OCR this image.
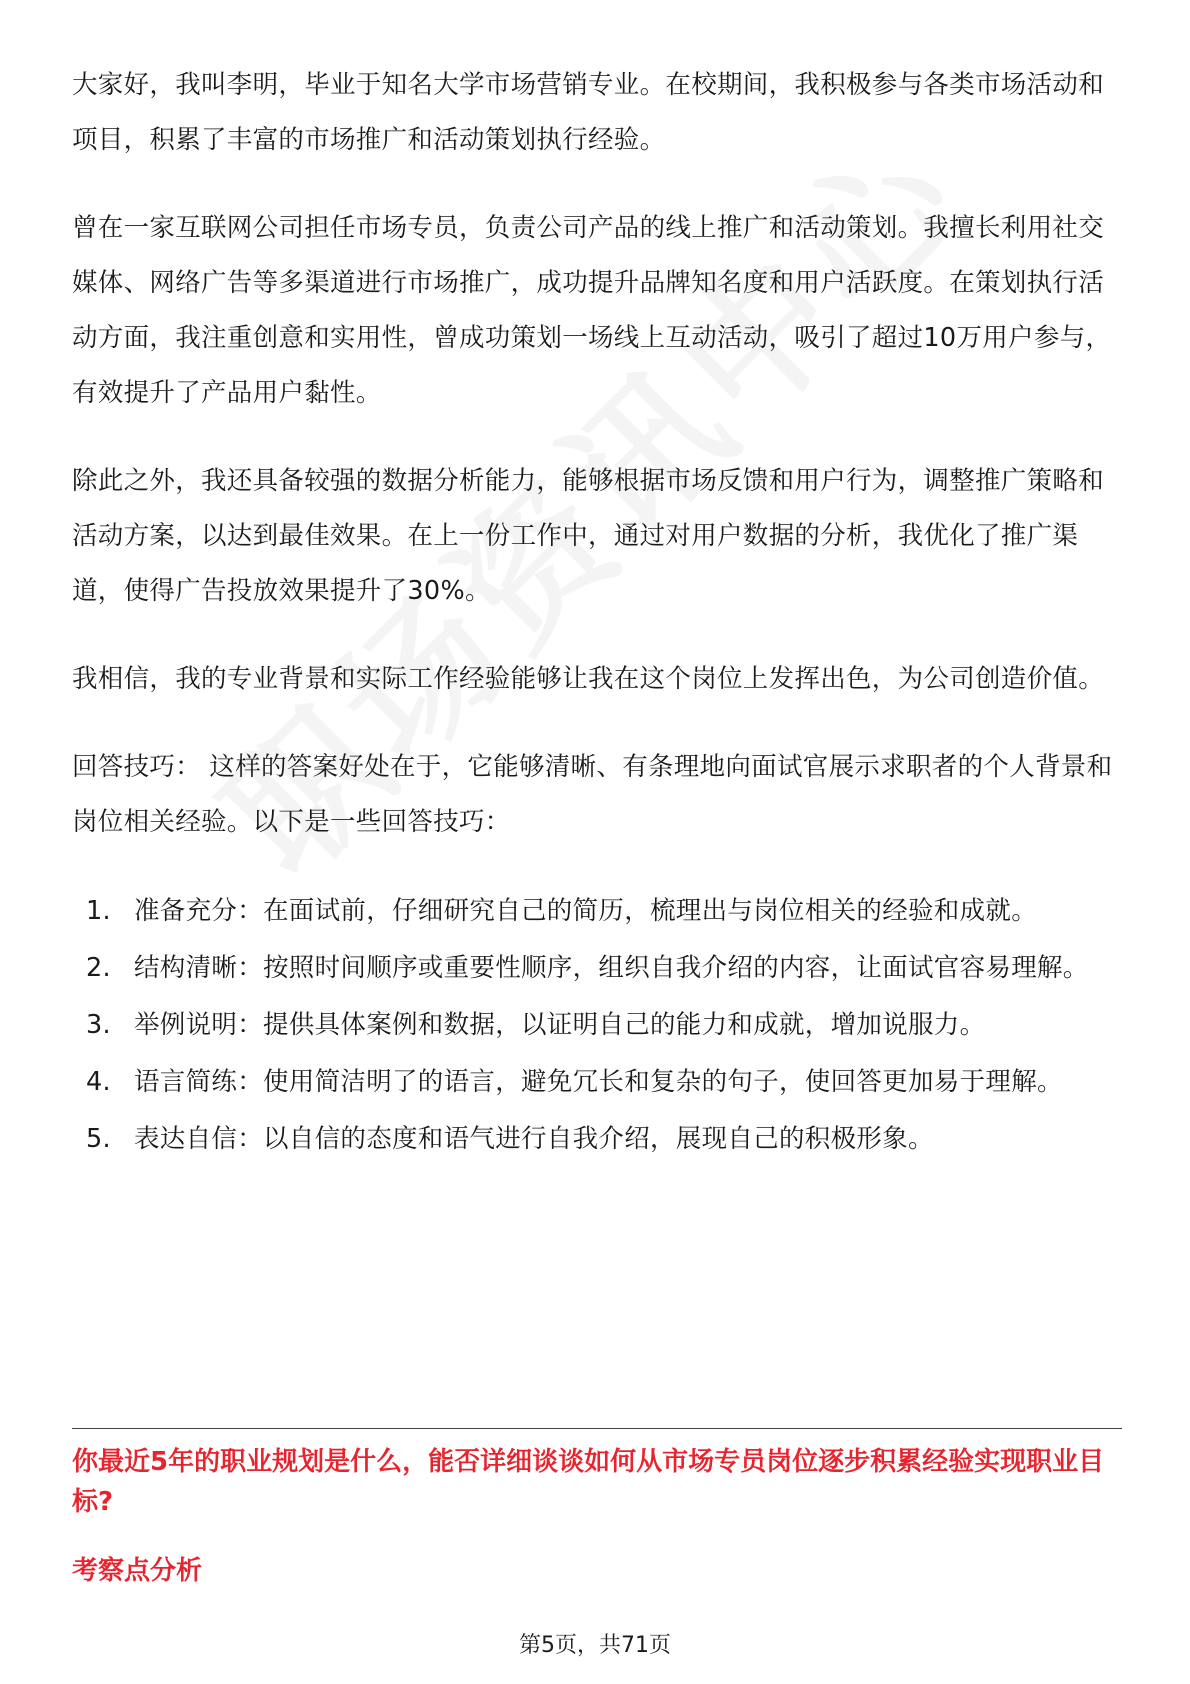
大家好，我叫李明，毕业于知名大学市场营销专业。在校期间，我积极参与各类市场活动和项目，积累了丰富的市场推广和活动策划执行经验。

曾在一家互联网公司担任市场专员，负责公司产品的线上推广和活动策划。我擅长利用社交媒体、网络广告等多渠道进行市场推广，成功提升品牌知名度和用户活跃度。在策划执行活动方面，我注重创意和实用性，曾成功策划一场线上互动活动，吸引了超过10万用户参与，有效提升了产品用户黏性。

除此之外，我还具备较强的数据分析能力，能够根据市场反馈和用户行为，调整推广策略和活动方案，以达到最佳效果。在上一份工作中，通过对用户数据的分析，我优化了推广渠道，使得广告投放效果提升了30%。

我相信，我的专业背景和实际工作经验能够让我在这个岗位上发挥出色，为公司创造价值。

回答技巧： 这样的答案好处在于，它能够清晰、有条理地向面试官展示求职者的个人背景和岗位相关经验。以下是一些回答技巧：

1. 准备充分：在面试前，仔细研究自己的简历，梳理出与岗位相关的经验和成就。
2. 结构清晰：按照时间顺序或重要性顺序，组织自我介绍的内容，让面试官容易理解。
3. 举例说明：提供具体案例和数据，以证明自己的能力和成就，增加说服力。
4. 语言简练：使用简洁明了的语言，避免冗长和复杂的句子，使回答更加易于理解。
5. 表达自信：以自信的态度和语气进行自我介绍，展现自己的积极形象。
你最近5年的职业规划是什么，能否详细谈谈如何从市场专员岗位逐步积累经验实现职业目标?
考察点分析
第5页，共71页
